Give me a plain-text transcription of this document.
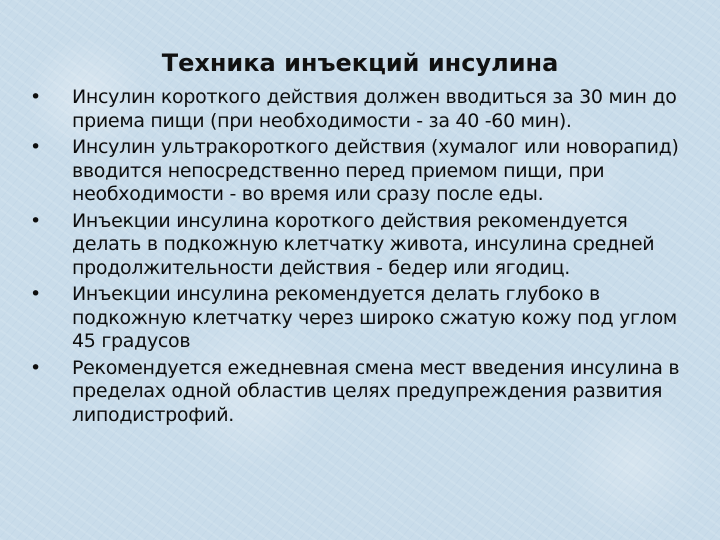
Техника инъекций инсулина
•	Инсулин короткого действия должен вводиться за 30 мин до приема пищи (при необходимости - за 40 -60 мин).
•	Инсулин ультракороткого действия (хумалог или новорапид) вводится непосредственно перед приемом пищи, при необходимости - во время или сразу после еды.
•	Инъекции инсулина короткого действия рекомендуется делать в подкожную клетчатку живота, инсулина средней продолжительности действия - бедер или ягодиц.
•	Инъекции инсулина рекомендуется делать глубоко в подкожную клетчатку через широко сжатую кожу под углом 45 градусов
•	Рекомендуется ежедневная смена мест введения инсулина в пределах одной областив целях предупреждения развития липодистрофий.
